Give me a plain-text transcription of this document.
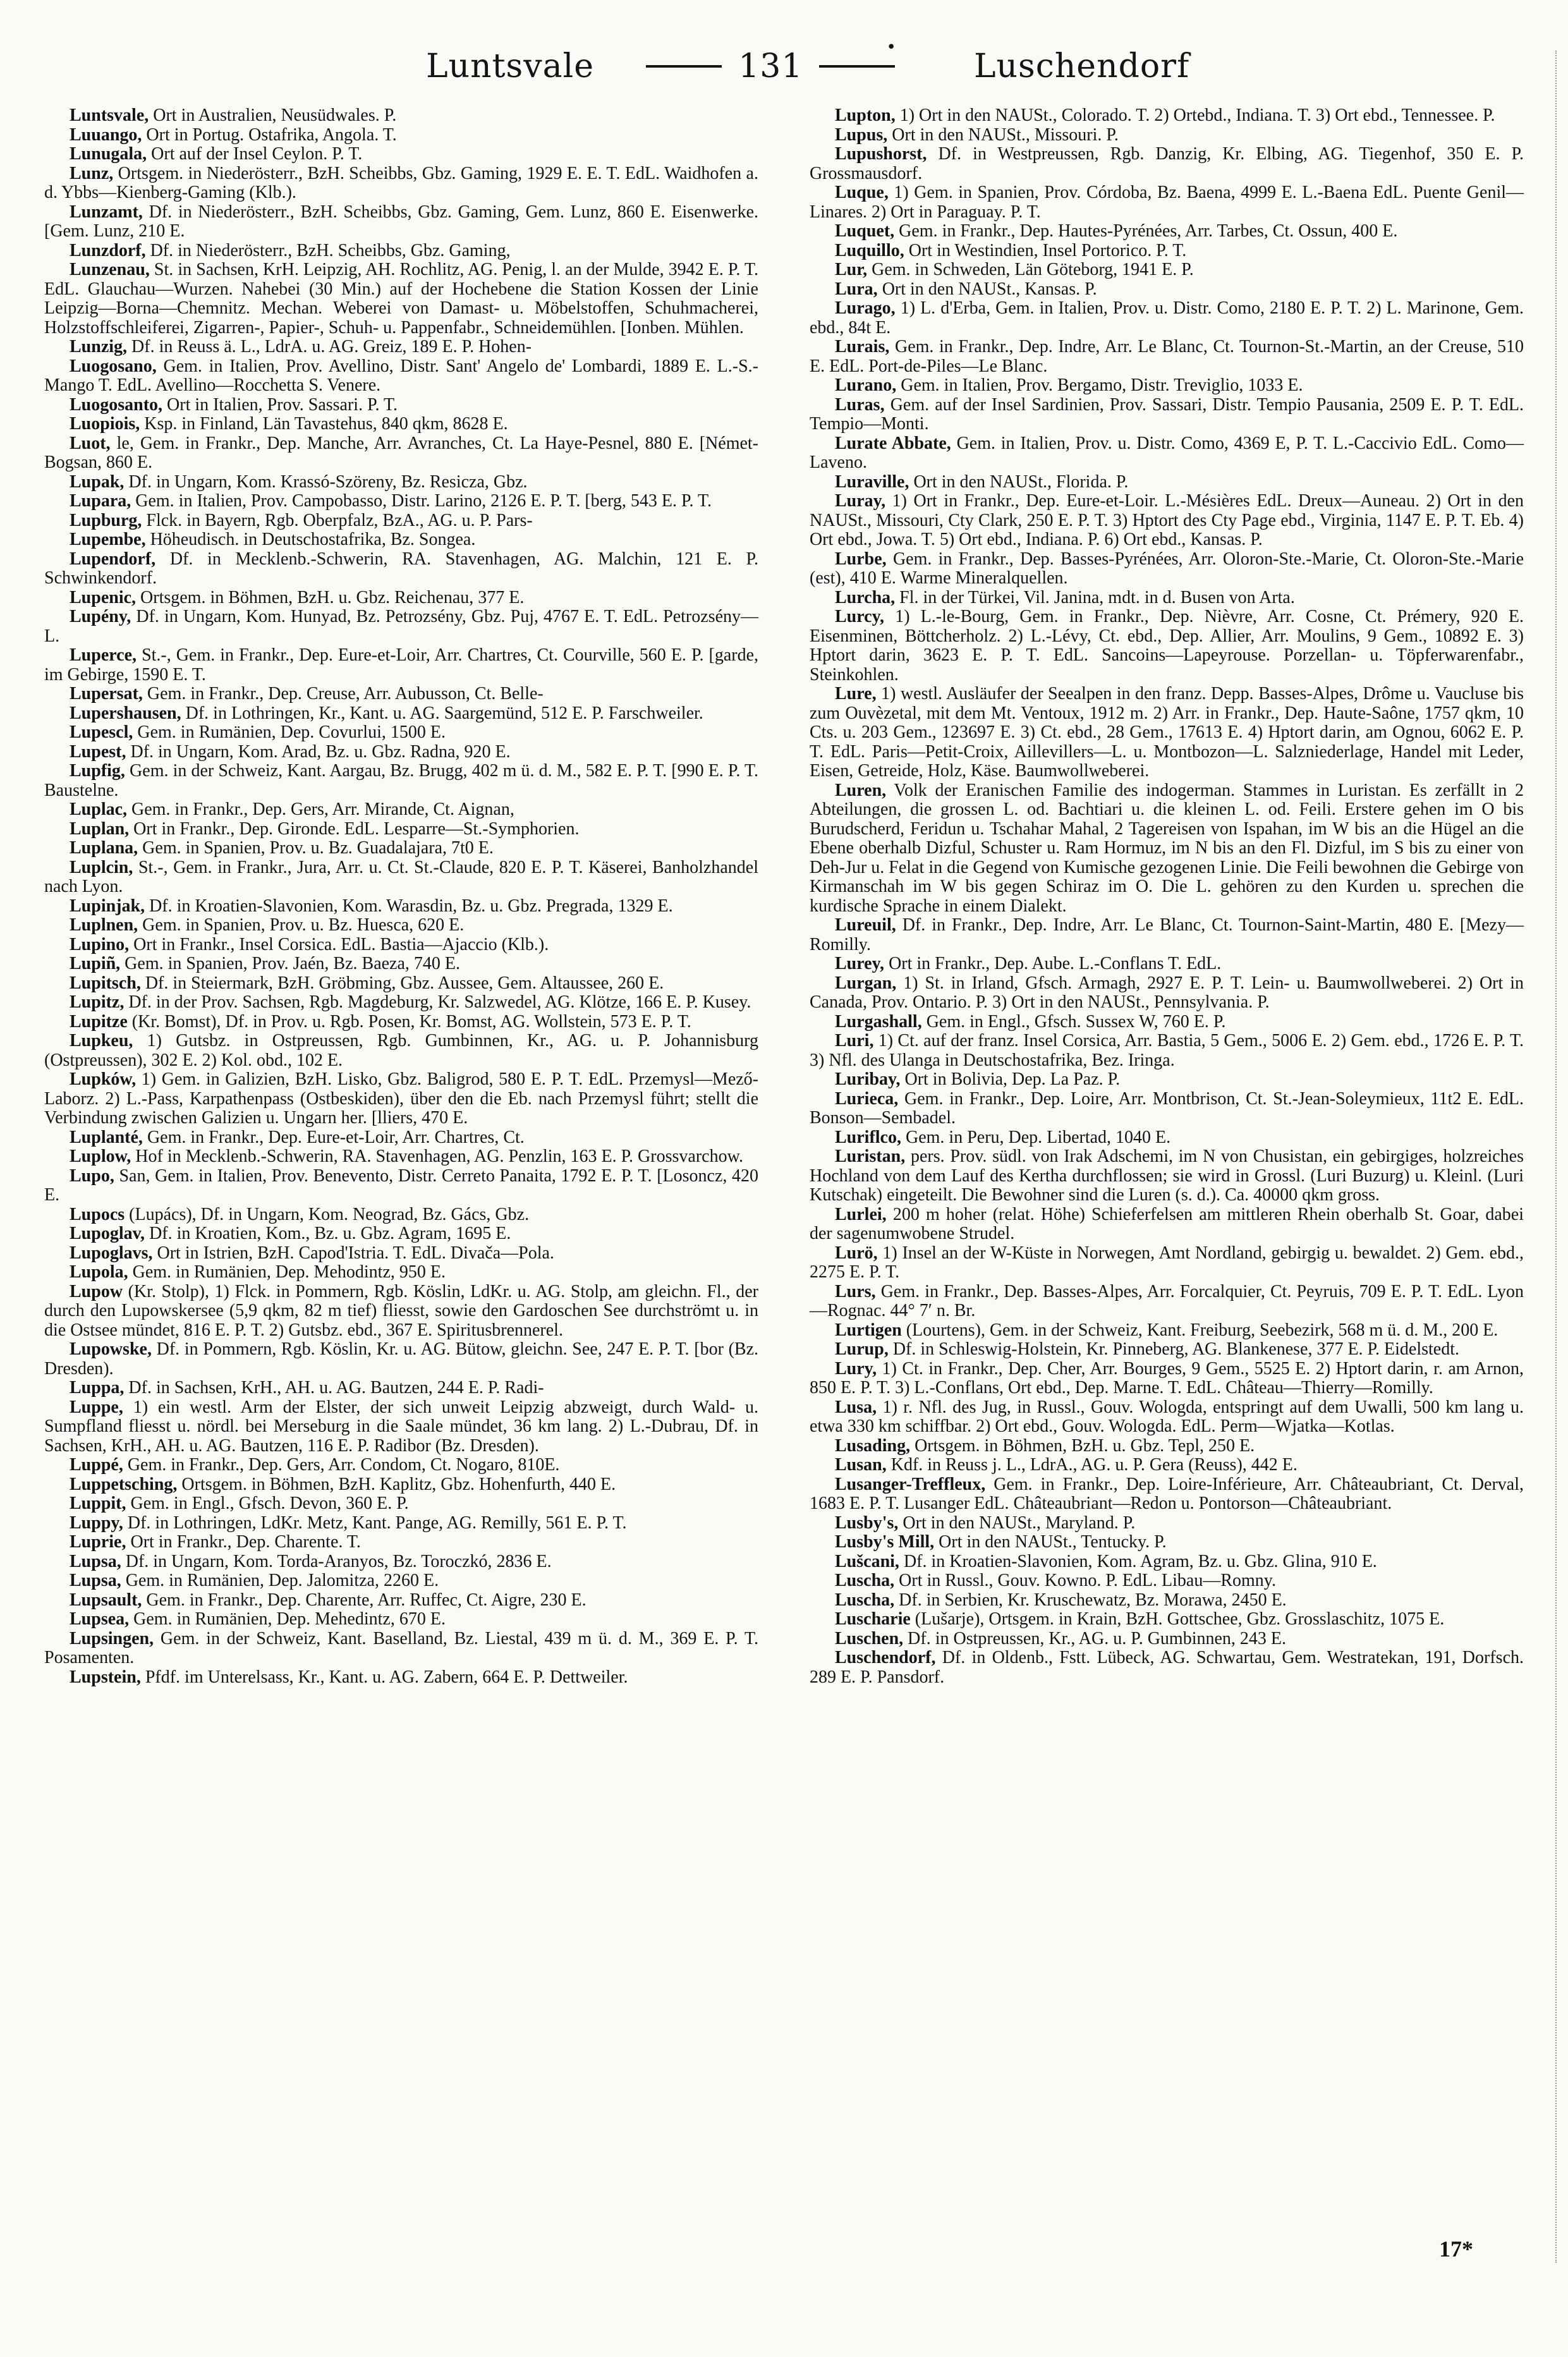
Luntsvale	131	•	Luschendorf

Luntsvale, Ort in Australien, Neusüdwales. P.

Luuango, Ort in Portug. Ostafrika, Angola. T.

Lunugala, Ort auf der Insel Ceylon. P. T.

Lunz, Ortsgem. in Niederösterr., BzH. Scheibbs, Gbz. Gaming, 1929 E. E. T. EdL. Waidhofen a. d. Ybbs—Kienberg-Gaming (Klb.).

Lunzamt, Df. in Niederösterr., BzH. Scheibbs, Gbz. Gaming, Gem. Lunz, 860 E. Eisenwerke. [Gem. Lunz, 210 E.

Lunzdorf, Df. in Niederösterr., BzH. Scheibbs, Gbz. Gaming,

Lunzenau, St. in Sachsen, KrH. Leipzig, AH. Rochlitz, AG. Penig, l. an der Mulde, 3942 E. P. T. EdL. Glauchau—Wurzen. Nahebei (30 Min.) auf der Hochebene die Station Kossen der Linie Leipzig—Borna—Chemnitz. Mechan. Weberei von Damast- u. Möbelstoffen, Schuhmacherei, Holzstoffschleiferei, Zigarren-, Papier-, Schuh- u. Pappenfabr., Schneidemühlen. [Ionben. Mühlen.

Lunzig, Df. in Reuss ä. L., LdrA. u. AG. Greiz, 189 E. P. Hohen-

Luogosano, Gem. in Italien, Prov. Avellino, Distr. Sant' Angelo de' Lombardi, 1889 E. L.-S.-Mango T. EdL. Avellino—Rocchetta S. Venere.

Luogosanto, Ort in Italien, Prov. Sassari. P. T.

Luopiois, Ksp. in Finland, Län Tavastehus, 840 qkm, 8628 E.

Luot, le, Gem. in Frankr., Dep. Manche, Arr. Avranches, Ct. La Haye-Pesnel, 880 E. [Német-Bogsan, 860 E.

Lupak, Df. in Ungarn, Kom. Krassó-Szöreny, Bz. Resicza, Gbz.

Lupara, Gem. in Italien, Prov. Campobasso, Distr. Larino, 2126 E. P. T. [berg, 543 E. P. T.

Lupburg, Flck. in Bayern, Rgb. Oberpfalz, BzA., AG. u. P. Pars-

Lupembe, Höheudisch. in Deutschostafrika, Bz. Songea.

Lupendorf, Df. in Mecklenb.-Schwerin, RA. Stavenhagen, AG. Malchin, 121 E. P. Schwinkendorf.

Lupenic, Ortsgem. in Böhmen, BzH. u. Gbz. Reichenau, 377 E.

Lupény, Df. in Ungarn, Kom. Hunyad, Bz. Petrozsény, Gbz. Puj, 4767 E. T. EdL. Petrozsény—L.

Luperce, St.-, Gem. in Frankr., Dep. Eure-et-Loir, Arr. Chartres, Ct. Courville, 560 E. P. [garde, im Gebirge, 1590 E. T.

Lupersat, Gem. in Frankr., Dep. Creuse, Arr. Aubusson, Ct. Belle-

Lupershausen, Df. in Lothringen, Kr., Kant. u. AG. Saargemünd, 512 E. P. Farschweiler.

Lupescl, Gem. in Rumänien, Dep. Covurlui, 1500 E.

Lupest, Df. in Ungarn, Kom. Arad, Bz. u. Gbz. Radna, 920 E.

Lupfig, Gem. in der Schweiz, Kant. Aargau, Bz. Brugg, 402 m ü. d. M., 582 E. P. T. [990 E. P. T. Baustelne.

Luplac, Gem. in Frankr., Dep. Gers, Arr. Mirande, Ct. Aignan,

Luplan, Ort in Frankr., Dep. Gironde. EdL. Lesparre—St.-Symphorien.

Luplana, Gem. in Spanien, Prov. u. Bz. Guadalajara, 7t0 E.

Luplcin, St.-, Gem. in Frankr., Jura, Arr. u. Ct. St.-Claude, 820 E. P. T. Käserei, Banholzhandel nach Lyon.

Lupinjak, Df. in Kroatien-Slavonien, Kom. Warasdin, Bz. u. Gbz. Pregrada, 1329 E.

Luplnen, Gem. in Spanien, Prov. u. Bz. Huesca, 620 E.

Lupino, Ort in Frankr., Insel Corsica. EdL. Bastia—Ajaccio (Klb.).

Lupiñ, Gem. in Spanien, Prov. Jaén, Bz. Baeza, 740 E.

Lupitsch, Df. in Steiermark, BzH. Gröbming, Gbz. Aussee, Gem. Altaussee, 260 E.

Lupitz, Df. in der Prov. Sachsen, Rgb. Magdeburg, Kr. Salzwedel, AG. Klötze, 166 E. P. Kusey.

Lupitze (Kr. Bomst), Df. in Prov. u. Rgb. Posen, Kr. Bomst, AG. Wollstein, 573 E. P. T.

Lupkeu, 1) Gutsbz. in Ostpreussen, Rgb. Gumbinnen, Kr., AG. u. P. Johannisburg (Ostpreussen), 302 E. 2) Kol. obd., 102 E.

Lupków, 1) Gem. in Galizien, BzH. Lisko, Gbz. Baligrod, 580 E. P. T. EdL. Przemysl—Mező-Laborz. 2) L.-Pass, Karpathenpass (Ostbeskiden), über den die Eb. nach Przemysl führt; stellt die Verbindung zwischen Galizien u. Ungarn her. [lliers, 470 E.

Luplanté, Gem. in Frankr., Dep. Eure-et-Loir, Arr. Chartres, Ct.

Luplow, Hof in Mecklenb.-Schwerin, RA. Stavenhagen, AG. Penzlin, 163 E. P. Grossvarchow.

Lupo, San, Gem. in Italien, Prov. Benevento, Distr. Cerreto Panaita, 1792 E. P. T. [Losoncz, 420 E.

Lupocs (Lupács), Df. in Ungarn, Kom. Neograd, Bz. Gács, Gbz.

Lupoglav, Df. in Kroatien, Kom., Bz. u. Gbz. Agram, 1695 E.

Lupoglavs, Ort in Istrien, BzH. Capod'Istria. T. EdL. Divača—Pola.

Lupola, Gem. in Rumänien, Dep. Mehodintz, 950 E.

Lupow (Kr. Stolp), 1) Flck. in Pommern, Rgb. Köslin, LdKr. u. AG. Stolp, am gleichn. Fl., der durch den Lupowskersee (5,9 qkm, 82 m tief) fliesst, sowie den Gardoschen See durchströmt u. in die Ostsee mündet, 816 E. P. T. 2) Gutsbz. ebd., 367 E. Spiritusbrennerel.

Lupowske, Df. in Pommern, Rgb. Köslin, Kr. u. AG. Bütow, gleichn. See, 247 E. P. T. [bor (Bz. Dresden).

Luppa, Df. in Sachsen, KrH., AH. u. AG. Bautzen, 244 E. P. Radi-

Luppe, 1) ein westl. Arm der Elster, der sich unweit Leipzig abzweigt, durch Wald- u. Sumpfland fliesst u. nördl. bei Merseburg in die Saale mündet, 36 km lang. 2) L.-Dubrau, Df. in Sachsen, KrH., AH. u. AG. Bautzen, 116 E. P. Radibor (Bz. Dresden).

Luppé, Gem. in Frankr., Dep. Gers, Arr. Condom, Ct. Nogaro, 810E.

Luppetsching, Ortsgem. in Böhmen, BzH. Kaplitz, Gbz. Hohenfurth, 440 E.

Luppit, Gem. in Engl., Gfsch. Devon, 360 E. P.

Luppy, Df. in Lothringen, LdKr. Metz, Kant. Pange, AG. Remilly, 561 E. P. T.

Luprie, Ort in Frankr., Dep. Charente. T.

Lupsa, Df. in Ungarn, Kom. Torda-Aranyos, Bz. Toroczkó, 2836 E.

Lupsa, Gem. in Rumänien, Dep. Jalomitza, 2260 E.

Lupsault, Gem. in Frankr., Dep. Charente, Arr. Ruffec, Ct. Aigre, 230 E.

Lupsea, Gem. in Rumänien, Dep. Mehedintz, 670 E.

Lupsingen, Gem. in der Schweiz, Kant. Baselland, Bz. Liestal, 439 m ü. d. M., 369 E. P. T. Posamenten.

Lupstein, Pfdf. im Unterelsass, Kr., Kant. u. AG. Zabern, 664 E. P. Dettweiler.

Lupton, 1) Ort in den NAUSt., Colorado. T. 2) Ortebd., Indiana. T. 3) Ort ebd., Tennessee. P.

Lupus, Ort in den NAUSt., Missouri. P.

Lupushorst, Df. in Westpreussen, Rgb. Danzig, Kr. Elbing, AG. Tiegenhof, 350 E. P. Grossmausdorf.

Luque, 1) Gem. in Spanien, Prov. Córdoba, Bz. Baena, 4999 E. L.-Baena EdL. Puente Genil—Linares. 2) Ort in Paraguay. P. T.

Luquet, Gem. in Frankr., Dep. Hautes-Pyrénées, Arr. Tarbes, Ct. Ossun, 400 E.

Luquillo, Ort in Westindien, Insel Portorico. P. T.

Lur, Gem. in Schweden, Län Göteborg, 1941 E. P.

Lura, Ort in den NAUSt., Kansas. P.

Lurago, 1) L. d'Erba, Gem. in Italien, Prov. u. Distr. Como, 2180 E. P. T. 2) L. Marinone, Gem. ebd., 84t E.

Lurais, Gem. in Frankr., Dep. Indre, Arr. Le Blanc, Ct. Tournon-St.-Martin, an der Creuse, 510 E. EdL. Port-de-Piles—Le Blanc.

Lurano, Gem. in Italien, Prov. Bergamo, Distr. Treviglio, 1033 E.

Luras, Gem. auf der Insel Sardinien, Prov. Sassari, Distr. Tempio Pausania, 2509 E. P. T. EdL. Tempio—Monti.

Lurate Abbate, Gem. in Italien, Prov. u. Distr. Como, 4369 E, P. T. L.-Caccivio EdL. Como—Laveno.

Luraville, Ort in den NAUSt., Florida. P.

Luray, 1) Ort in Frankr., Dep. Eure-et-Loir. L.-Mésières EdL. Dreux—Auneau. 2) Ort in den NAUSt., Missouri, Cty Clark, 250 E. P. T. 3) Hptort des Cty Page ebd., Virginia, 1147 E. P. T. Eb. 4) Ort ebd., Jowa. T. 5) Ort ebd., Indiana. P. 6) Ort ebd., Kansas. P.

Lurbe, Gem. in Frankr., Dep. Basses-Pyrénées, Arr. Oloron-Ste.-Marie, Ct. Oloron-Ste.-Marie (est), 410 E. Warme Mineralquellen.

Lurcha, Fl. in der Türkei, Vil. Janina, mdt. in d. Busen von Arta.

Lurcy, 1) L.-le-Bourg, Gem. in Frankr., Dep. Nièvre, Arr. Cosne, Ct. Prémery, 920 E. Eisenminen, Böttcherholz. 2) L.-Lévy, Ct. ebd., Dep. Allier, Arr. Moulins, 9 Gem., 10892 E. 3) Hptort darin, 3623 E. P. T. EdL. Sancoins—Lapeyrouse. Porzellan- u. Töpferwarenfabr., Steinkohlen.

Lure, 1) westl. Ausläufer der Seealpen in den franz. Depp. Basses-Alpes, Drôme u. Vaucluse bis zum Ouvèzetal, mit dem Mt. Ventoux, 1912 m. 2) Arr. in Frankr., Dep. Haute-Saône, 1757 qkm, 10 Cts. u. 203 Gem., 123697 E. 3) Ct. ebd., 28 Gem., 17613 E. 4) Hptort darin, am Ognou, 6062 E. P. T. EdL. Paris—Petit-Croix, Aillevillers—L. u. Montbozon—L. Salzniederlage, Handel mit Leder, Eisen, Getreide, Holz, Käse. Baumwollweberei.

Luren, Volk der Eranischen Familie des indogerman. Stammes in Luristan. Es zerfällt in 2 Abteilungen, die grossen L. od. Bachtiari u. die kleinen L. od. Feili. Erstere gehen im O bis Burudscherd, Feridun u. Tschahar Mahal, 2 Tagereisen von Ispahan, im W bis an die Hügel an die Ebene oberhalb Dizful, Schuster u. Ram Hormuz, im N bis an den Fl. Dizful, im S bis zu einer von Deh-Jur u. Felat in die Gegend von Kumische gezogenen Linie. Die Feili bewohnen die Gebirge von Kirmanschah im W bis gegen Schiraz im O. Die L. gehören zu den Kurden u. sprechen die kurdische Sprache in einem Dialekt.

Lureuil, Df. in Frankr., Dep. Indre, Arr. Le Blanc, Ct. Tournon-Saint-Martin, 480 E. [Mezy—Romilly.

Lurey, Ort in Frankr., Dep. Aube. L.-Conflans T. EdL.

Lurgan, 1) St. in Irland, Gfsch. Armagh, 2927 E. P. T. Lein- u. Baumwollweberei. 2) Ort in Canada, Prov. Ontario. P. 3) Ort in den NAUSt., Pennsylvania. P.

Lurgashall, Gem. in Engl., Gfsch. Sussex W, 760 E. P.

Luri, 1) Ct. auf der franz. Insel Corsica, Arr. Bastia, 5 Gem., 5006 E. 2) Gem. ebd., 1726 E. P. T. 3) Nfl. des Ulanga in Deutschostafrika, Bez. Iringa.

Luribay, Ort in Bolivia, Dep. La Paz. P.

Lurieca, Gem. in Frankr., Dep. Loire, Arr. Montbrison, Ct. St.-Jean-Soleymieux, 11t2 E. EdL. Bonson—Sembadel.

Luriflco, Gem. in Peru, Dep. Libertad, 1040 E.

Luristan, pers. Prov. südl. von Irak Adschemi, im N von Chusistan, ein gebirgiges, holzreiches Hochland von dem Lauf des Kertha durchflossen; sie wird in Grossl. (Luri Buzurg) u. Kleinl. (Luri Kutschak) eingeteilt. Die Bewohner sind die Luren (s. d.). Ca. 40000 qkm gross.

Lurlei, 200 m hoher (relat. Höhe) Schieferfelsen am mittleren Rhein oberhalb St. Goar, dabei der sagenumwobene Strudel.

Lurö, 1) Insel an der W-Küste in Norwegen, Amt Nordland, gebirgig u. bewaldet. 2) Gem. ebd., 2275 E. P. T.

Lurs, Gem. in Frankr., Dep. Basses-Alpes, Arr. Forcalquier, Ct. Peyruis, 709 E. P. T. EdL. Lyon—Rognac. 44° 7′ n. Br.

Lurtigen (Lourtens), Gem. in der Schweiz, Kant. Freiburg, Seebezirk, 568 m ü. d. M., 200 E.

Lurup, Df. in Schleswig-Holstein, Kr. Pinneberg, AG. Blankenese, 377 E. P. Eidelstedt.

Lury, 1) Ct. in Frankr., Dep. Cher, Arr. Bourges, 9 Gem., 5525 E. 2) Hptort darin, r. am Arnon, 850 E. P. T. 3) L.-Conflans, Ort ebd., Dep. Marne. T. EdL. Château—Thierry—Romilly.

Lusa, 1) r. Nfl. des Jug, in Russl., Gouv. Wologda, entspringt auf dem Uwalli, 500 km lang u. etwa 330 km schiffbar. 2) Ort ebd., Gouv. Wologda. EdL. Perm—Wjatka—Kotlas.

Lusading, Ortsgem. in Böhmen, BzH. u. Gbz. Tepl, 250 E.

Lusan, Kdf. in Reuss j. L., LdrA., AG. u. P. Gera (Reuss), 442 E.

Lusanger-Treffleux, Gem. in Frankr., Dep. Loire-Inférieure, Arr. Châteaubriant, Ct. Derval, 1683 E. P. T. Lusanger EdL. Châteaubriant—Redon u. Pontorson—Châteaubriant.

Lusby's, Ort in den NAUSt., Maryland. P.

Lusby's Mill, Ort in den NAUSt., Tentucky. P.

Lušcani, Df. in Kroatien-Slavonien, Kom. Agram, Bz. u. Gbz. Glina, 910 E.

Luscha, Ort in Russl., Gouv. Kowno. P. EdL. Libau—Romny.

Luscha, Df. in Serbien, Kr. Kruschewatz, Bz. Morawa, 2450 E.

Luscharie (Lušarje), Ortsgem. in Krain, BzH. Gottschee, Gbz. Grosslaschitz, 1075 E.

Luschen, Df. in Ostpreussen, Kr., AG. u. P. Gumbinnen, 243 E.

Luschendorf, Df. in Oldenb., Fstt. Lübeck, AG. Schwartau, Gem. Westratekan, 191, Dorfsch. 289 E. P. Pansdorf.

17*
